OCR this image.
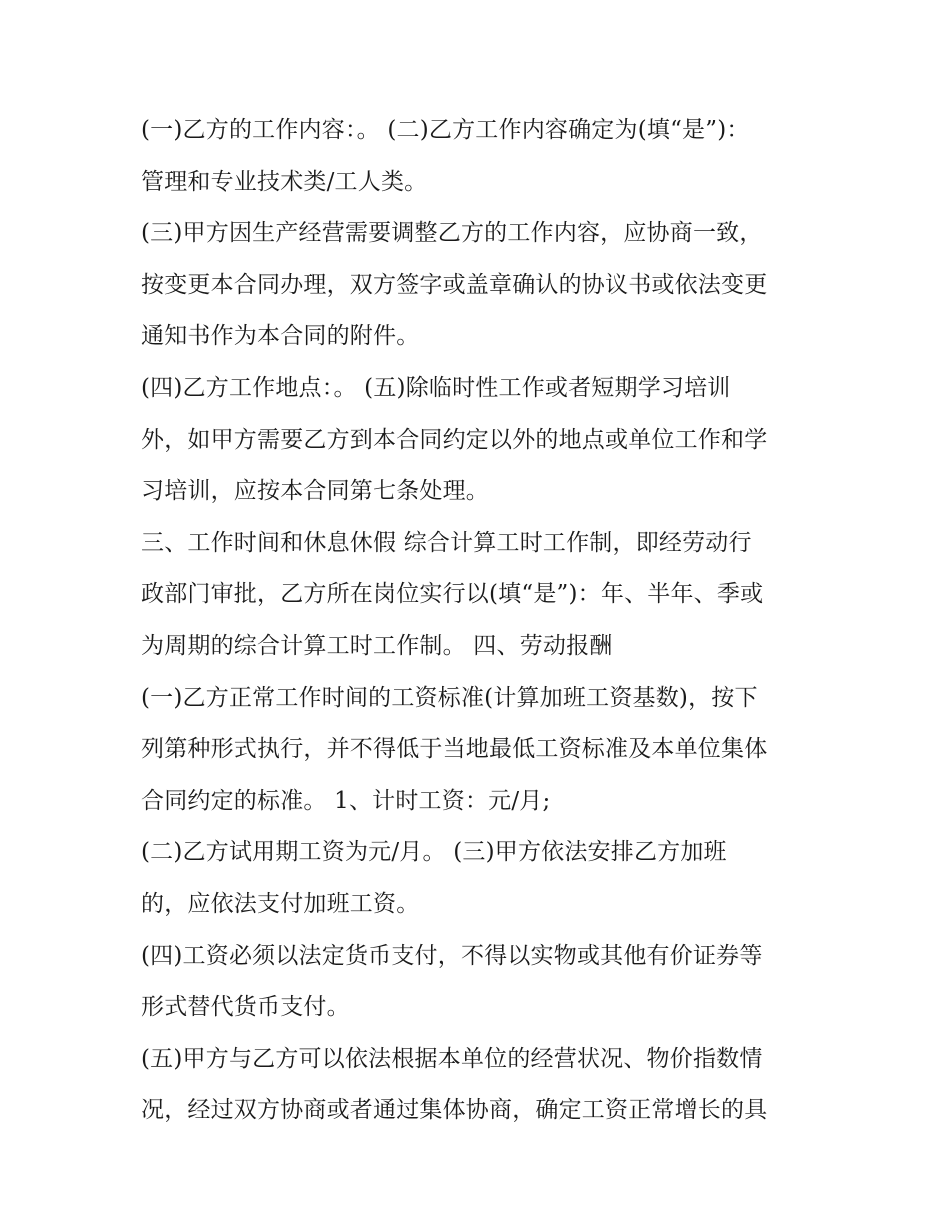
(一)乙方的工作内容：。 (二)乙方工作内容确定为(填“是”)：
管理和专业技术类/工人类。
(三)甲方因生产经营需要调整乙方的工作内容，应协商一致，
按变更本合同办理，双方签字或盖章确认的协议书或依法变更
通知书作为本合同的附件。
(四)乙方工作地点：。 (五)除临时性工作或者短期学习培训
外，如甲方需要乙方到本合同约定以外的地点或单位工作和学
习培训，应按本合同第七条处理。
三、工作时间和休息休假 综合计算工时工作制，即经劳动行
政部门审批，乙方所在岗位实行以(填“是”)：年、半年、季或
为周期的综合计算工时工作制。 四、劳动报酬
(一)乙方正常工作时间的工资标准(计算加班工资基数)，按下
列第种形式执行，并不得低于当地最低工资标准及本单位集体
合同约定的标准。 1、计时工资：元/月;
(二)乙方试用期工资为元/月。 (三)甲方依法安排乙方加班
的，应依法支付加班工资。
(四)工资必须以法定货币支付，不得以实物或其他有价证券等
形式替代货币支付。
(五)甲方与乙方可以依法根据本单位的经营状况、物价指数情
况，经过双方协商或者通过集体协商，确定工资正常增长的具
